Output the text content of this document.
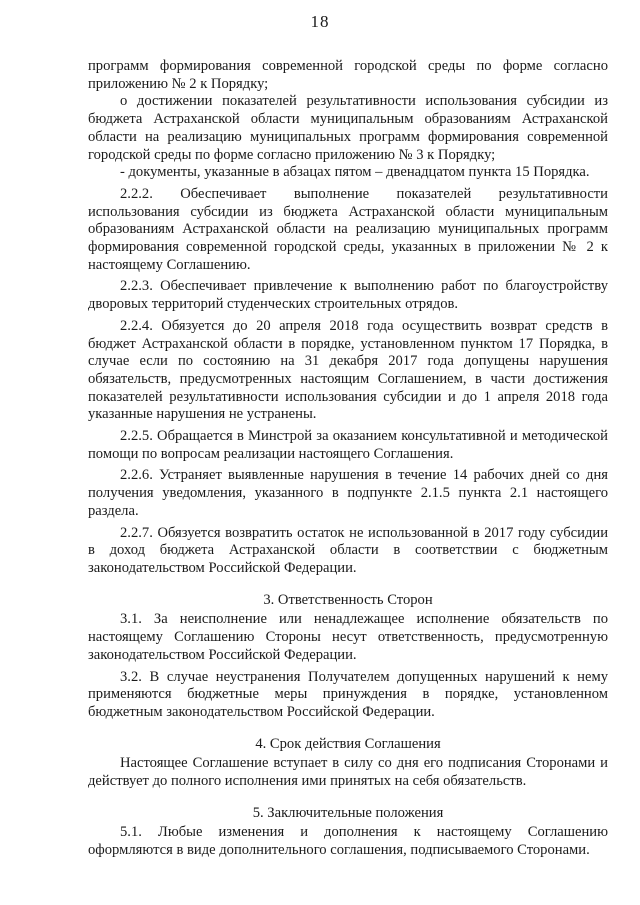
18

программ формирования современной городской среды по форме согласно приложению № 2 к Порядку;

о достижении показателей результативности использования субсидии из бюджета Астраханской области муниципальным образованиям Астраханской области на реализацию муниципальных программ формирования современной городской среды по форме согласно приложению № 3 к Порядку;

- документы, указанные в абзацах пятом – двенадцатом пункта 15 Порядка.

2.2.2. Обеспечивает выполнение показателей результативности использования субсидии из бюджета Астраханской области муниципальным образованиям Астраханской области на реализацию муниципальных программ формирования современной городской среды, указанных в приложении № 2 к настоящему Соглашению.

2.2.3. Обеспечивает привлечение к выполнению работ по благоустройству дворовых территорий студенческих строительных отрядов.

2.2.4. Обязуется до 20 апреля 2018 года осуществить возврат средств в бюджет Астраханской области в порядке, установленном пунктом 17 Порядка, в случае если по состоянию на 31 декабря 2017 года допущены нарушения обязательств, предусмотренных настоящим Соглашением, в части достижения показателей результативности использования субсидии и до 1 апреля 2018 года указанные нарушения не устранены.

2.2.5. Обращается в Минстрой за оказанием консультативной и методической помощи по вопросам реализации настоящего Соглашения.

2.2.6. Устраняет выявленные нарушения в течение 14 рабочих дней со дня получения уведомления, указанного в подпункте 2.1.5 пункта 2.1 настоящего раздела.

2.2.7. Обязуется возвратить остаток не использованной в 2017 году субсидии в доход бюджета Астраханской области в соответствии с бюджетным законодательством Российской Федерации.

3. Ответственность Сторон

3.1. За неисполнение или ненадлежащее исполнение обязательств по настоящему Соглашению Стороны несут ответственность, предусмотренную законодательством Российской Федерации.

3.2. В случае неустранения Получателем допущенных нарушений к нему применяются бюджетные меры принуждения в порядке, установленном бюджетным законодательством Российской Федерации.

4. Срок действия Соглашения

Настоящее Соглашение вступает в силу со дня его подписания Сторонами и действует до полного исполнения ими принятых на себя обязательств.

5. Заключительные положения

5.1. Любые изменения и дополнения к настоящему Соглашению оформляются в виде дополнительного соглашения, подписываемого Сторонами.
